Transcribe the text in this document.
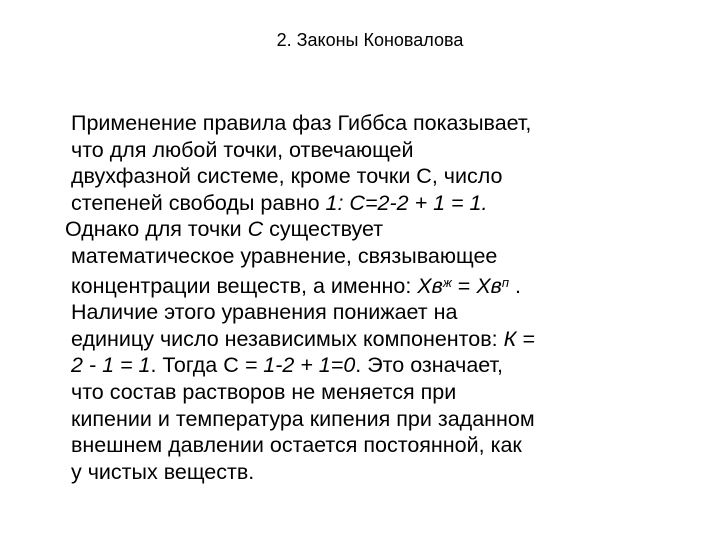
2. Законы Коновалова
Применение правила фаз Гиббса показывает,
что для любой точки, отвечающей
двухфазной системе, кроме точки С, число
степеней свободы равно 1: С=2-2 + 1 = 1.
Однако для точки С существует
математическое уравнение, связывающее
концентрации веществ, а именно: $Хв^ж = Хв^п$ .
Наличие этого уравнения понижает на
единицу число независимых компонентов: К =
2 - 1 = 1. Тогда С = 1-2 + 1=0. Это означает,
что состав растворов не меняется при
кипении и температура кипения при заданном
внешнем давлении остается постоянной, как
у чистых веществ.
